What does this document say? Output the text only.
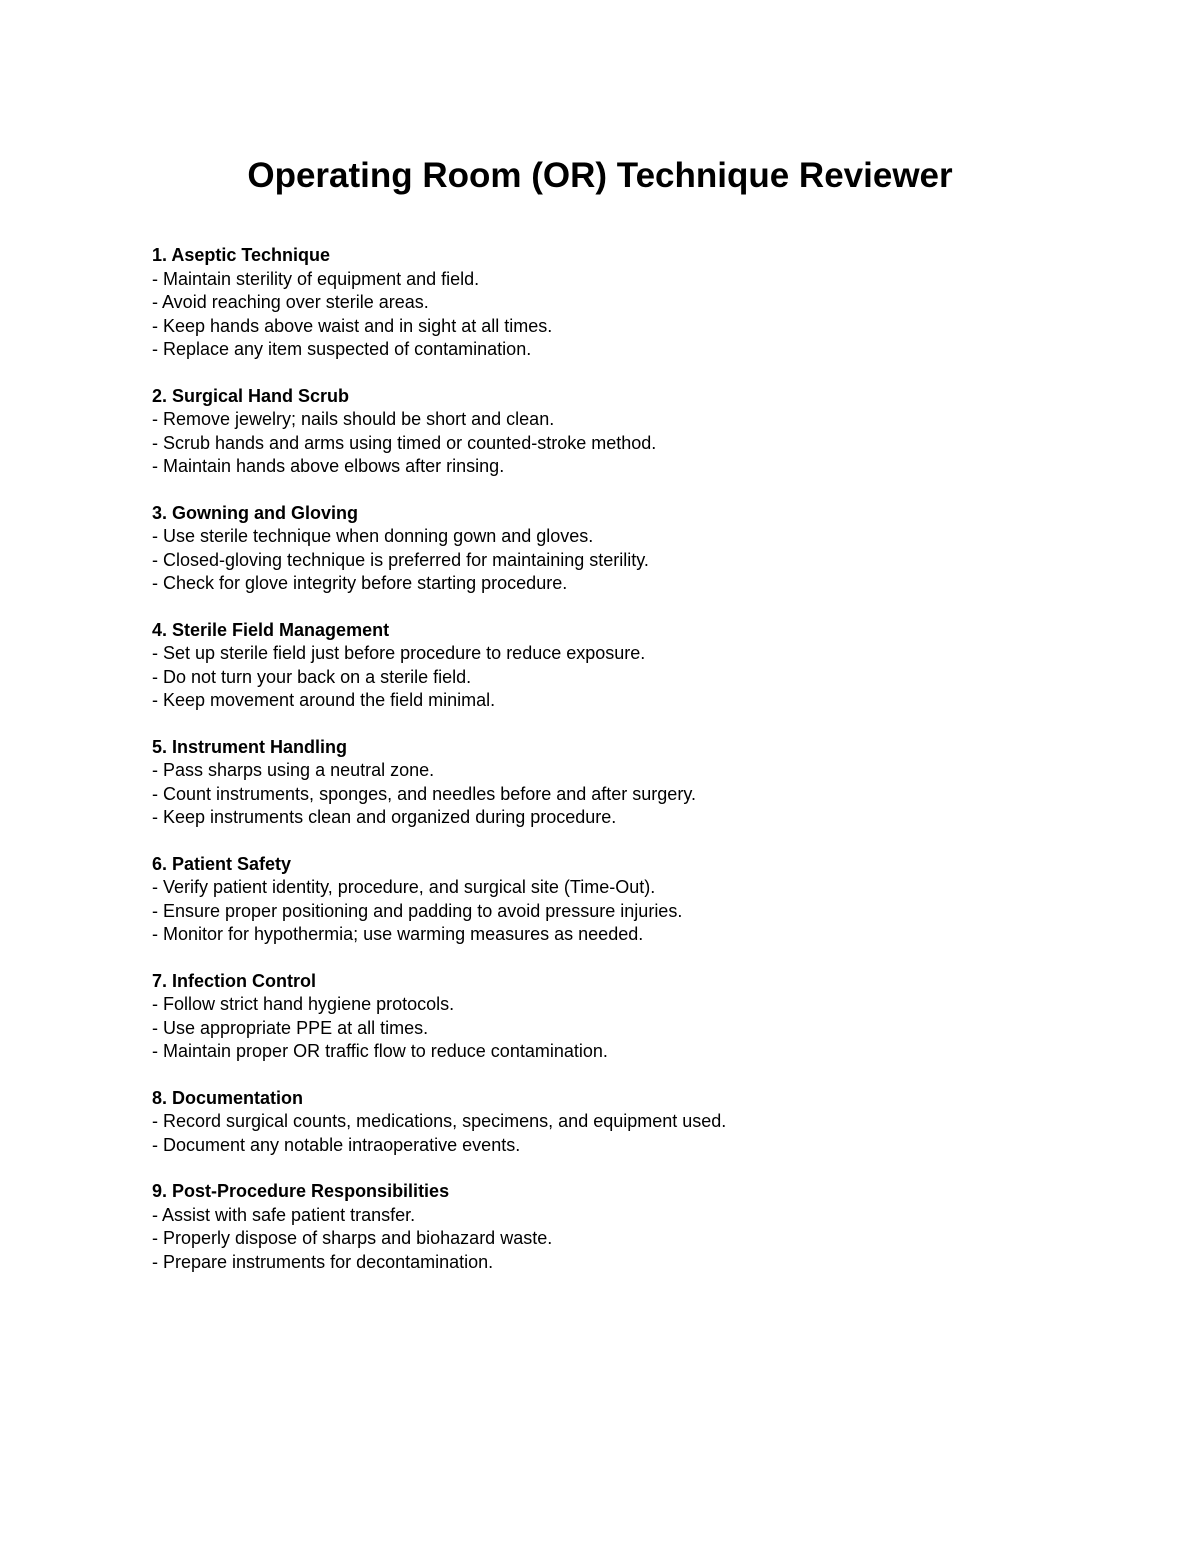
Operating Room (OR) Technique Reviewer
1. Aseptic Technique
- Maintain sterility of equipment and field.
- Avoid reaching over sterile areas.
- Keep hands above waist and in sight at all times.
- Replace any item suspected of contamination.
2. Surgical Hand Scrub
- Remove jewelry; nails should be short and clean.
- Scrub hands and arms using timed or counted-stroke method.
- Maintain hands above elbows after rinsing.
3. Gowning and Gloving
- Use sterile technique when donning gown and gloves.
- Closed-gloving technique is preferred for maintaining sterility.
- Check for glove integrity before starting procedure.
4. Sterile Field Management
- Set up sterile field just before procedure to reduce exposure.
- Do not turn your back on a sterile field.
- Keep movement around the field minimal.
5. Instrument Handling
- Pass sharps using a neutral zone.
- Count instruments, sponges, and needles before and after surgery.
- Keep instruments clean and organized during procedure.
6. Patient Safety
- Verify patient identity, procedure, and surgical site (Time-Out).
- Ensure proper positioning and padding to avoid pressure injuries.
- Monitor for hypothermia; use warming measures as needed.
7. Infection Control
- Follow strict hand hygiene protocols.
- Use appropriate PPE at all times.
- Maintain proper OR traffic flow to reduce contamination.
8. Documentation
- Record surgical counts, medications, specimens, and equipment used.
- Document any notable intraoperative events.
9. Post-Procedure Responsibilities
- Assist with safe patient transfer.
- Properly dispose of sharps and biohazard waste.
- Prepare instruments for decontamination.
